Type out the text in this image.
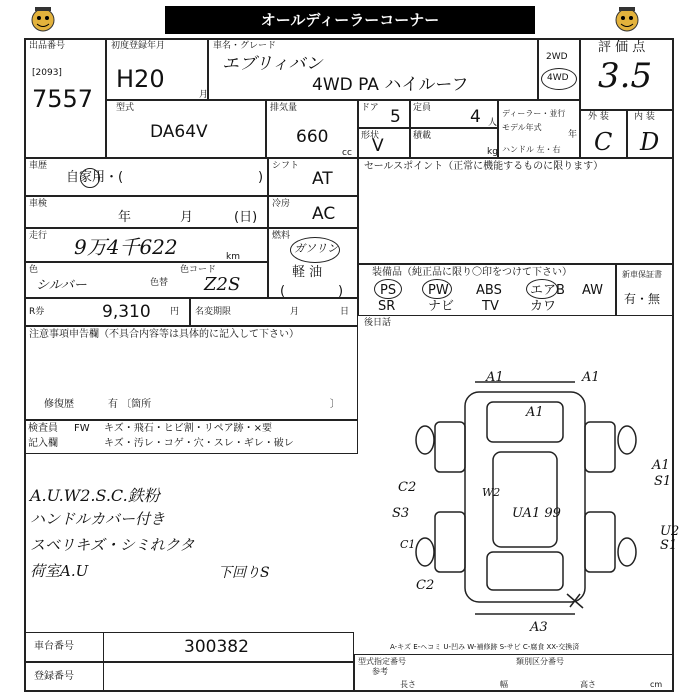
オールディーラーコーナー
出品番号
[2093]
7557
初度登録年月
H20
月
車名・グレード
エブリィバン
4WD PA ハイルーフ
2WD
4WD
評 価 点
3.5
型式
DA64V
排気量
660
cc
ドア 5 定員 4 人
形状
V	積載
kg
ディーラー・並行
モデル年式
年
ハンドル 左・右
外 装
C
内 装
D
車歴
自家用・(	)
シフト
AT
セールスポイント（正常に機能するものに限ります）
車検
年	月	(日)
冷房 AC
走行 9万4千622	km
燃料
ガソリン
軽 油
(	)
色
シルバー	色替
色コード
Z2S
装備品（純正品に限り〇印をつけて下さい）
PS PW ABS エアB AW
SR	ナビ TV カワ
新車保証書
有・無
R券	9,310 円 名変期限	月	日
後日話
注意事項申告欄（不具合内容等は具体的に記入して下さい）
修復歴	有 〔箇所	〕
検査員
記入欄
FW キズ・飛石・ヒビ割・リペア跡・×要
キズ・汚レ・コゲ・穴・スレ・ギレ・破レ
A.U.W2.S.C.鉄粉
ハンドルカバー付き
スベリキズ・シミれクタ
荷室A.U	下回りS
A1	A1
A1
A1
S1
C2	W2
S3	UA1 99
C1
U2
S1
C2
A3
車台番号	300382
登録番号
A-キズ E-ヘコミ U-凹み W-補修跡 S-サビ C-腐食 XX-交換済
型式指定番号
参考
類別区分番号
長さ	幅	高さ	cm
